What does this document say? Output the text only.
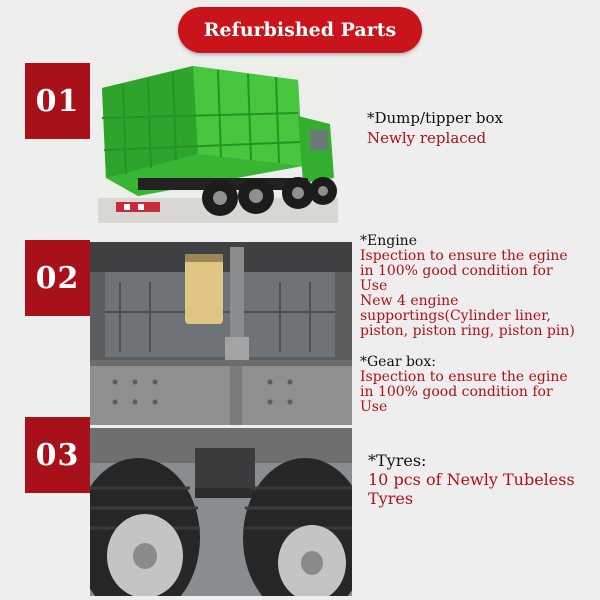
Refurbished Parts
01	*Dump/tipper box
Newly replaced
02
*Engine
Ispection to ensure the egine
in 100% good condition for
Use
New 4 engine
supportings(Cylinder liner,
piston, piston ring, piston pin)
*Gear box:
Ispection to ensure the egine
in 100% good condition for
Use
03	*Tyres:
10 pcs of Newly Tubeless
Tyres
